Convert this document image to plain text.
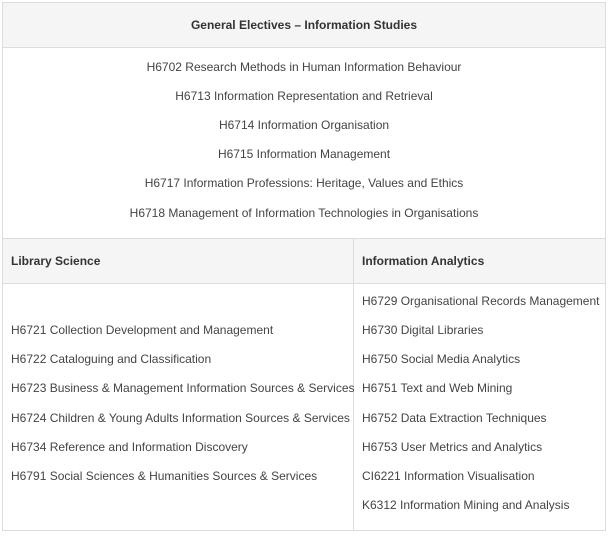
General Electives – Information Studies
H6702 Research Methods in Human Information Behaviour
H6713 Information Representation and Retrieval
H6714 Information Organisation
H6715 Information Management
H6717 Information Professions: Heritage, Values and Ethics
H6718 Management of Information Technologies in Organisations
Library Science	Information Analytics
H6721 Collection Development and Management
H6722 Cataloguing and Classification
H6723 Business & Management Information Sources & Services
H6724 Children & Young Adults Information Sources & Services
H6734 Reference and Information Discovery
H6791 Social Sciences & Humanities Sources & Services
H6729 Organisational Records Management
H6730 Digital Libraries
H6750 Social Media Analytics
H6751 Text and Web Mining
H6752 Data Extraction Techniques
H6753 User Metrics and Analytics
CI6221 Information Visualisation
K6312 Information Mining and Analysis
